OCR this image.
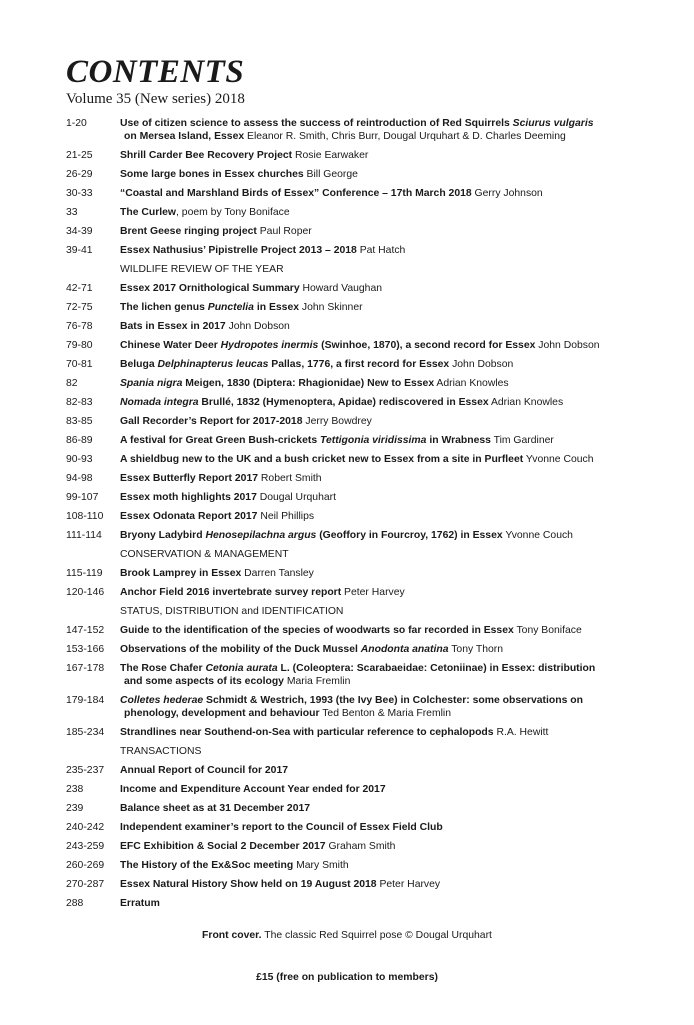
CONTENTS
Volume 35 (New series) 2018
1-20	Use of citizen science to assess the success of reintroduction of Red Squirrels Sciurus vulgaris
on Mersea Island, Essex Eleanor R. Smith, Chris Burr, Dougal Urquhart & D. Charles Deeming
21-25	Shrill Carder Bee Recovery Project Rosie Earwaker
26-29	Some large bones in Essex churches Bill George
30-33	“Coastal and Marshland Birds of Essex” Conference – 17th March 2018 Gerry Johnson
33	The Curlew, poem by Tony Boniface
34-39	Brent Geese ringing project Paul Roper
39-41	Essex Nathusius’ Pipistrelle Project 2013 – 2018 Pat Hatch
WILDLIFE REVIEW OF THE YEAR
42-71	Essex 2017 Ornithological Summary Howard Vaughan
72-75	The lichen genus Punctelia in Essex John Skinner
76-78	Bats in Essex in 2017 John Dobson
79-80	Chinese Water Deer Hydropotes inermis (Swinhoe, 1870), a second record for Essex John Dobson
70-81	Beluga Delphinapterus leucas Pallas, 1776, a first record for Essex John Dobson
82	Spania nigra Meigen, 1830 (Diptera: Rhagionidae) New to Essex Adrian Knowles
82-83	Nomada integra Brullé, 1832 (Hymenoptera, Apidae) rediscovered in Essex Adrian Knowles
83-85	Gall Recorder’s Report for 2017-2018 Jerry Bowdrey
86-89	A festival for Great Green Bush-crickets Tettigonia viridissima in Wrabness Tim Gardiner
90-93	A shieldbug new to the UK and a bush cricket new to Essex from a site in Purfleet Yvonne Couch
94-98	Essex Butterfly Report 2017 Robert Smith
99-107	Essex moth highlights 2017 Dougal Urquhart
108-110	Essex Odonata Report 2017 Neil Phillips
111-114	Bryony Ladybird Henosepilachna argus (Geoffory in Fourcroy, 1762) in Essex Yvonne Couch
CONSERVATION & MANAGEMENT
115-119	Brook Lamprey in Essex Darren Tansley
120-146	Anchor Field 2016 invertebrate survey report Peter Harvey
STATUS, DISTRIBUTION and IDENTIFICATION
147-152	Guide to the identification of the species of woodwarts so far recorded in Essex Tony Boniface
153-166	Observations of the mobility of the Duck Mussel Anodonta anatina Tony Thorn
167-178	The Rose Chafer Cetonia aurata L. (Coleoptera: Scarabaeidae: Cetoniinae) in Essex: distribution
and some aspects of its ecology Maria Fremlin
179-184	Colletes hederae Schmidt & Westrich, 1993 (the Ivy Bee) in Colchester: some observations on
phenology, development and behaviour Ted Benton & Maria Fremlin
185-234	Strandlines near Southend-on-Sea with particular reference to cephalopods R.A. Hewitt
TRANSACTIONS
235-237	Annual Report of Council for 2017
238	Income and Expenditure Account Year ended for 2017
239	Balance sheet as at 31 December 2017
240-242	Independent examiner’s report to the Council of Essex Field Club
243-259	EFC Exhibition & Social 2 December 2017 Graham Smith
260-269	The History of the Ex&Soc meeting Mary Smith
270-287	Essex Natural History Show held on 19 August 2018 Peter Harvey
288	Erratum
Front cover. The classic Red Squirrel pose © Dougal Urquhart
£15 (free on publication to members)
